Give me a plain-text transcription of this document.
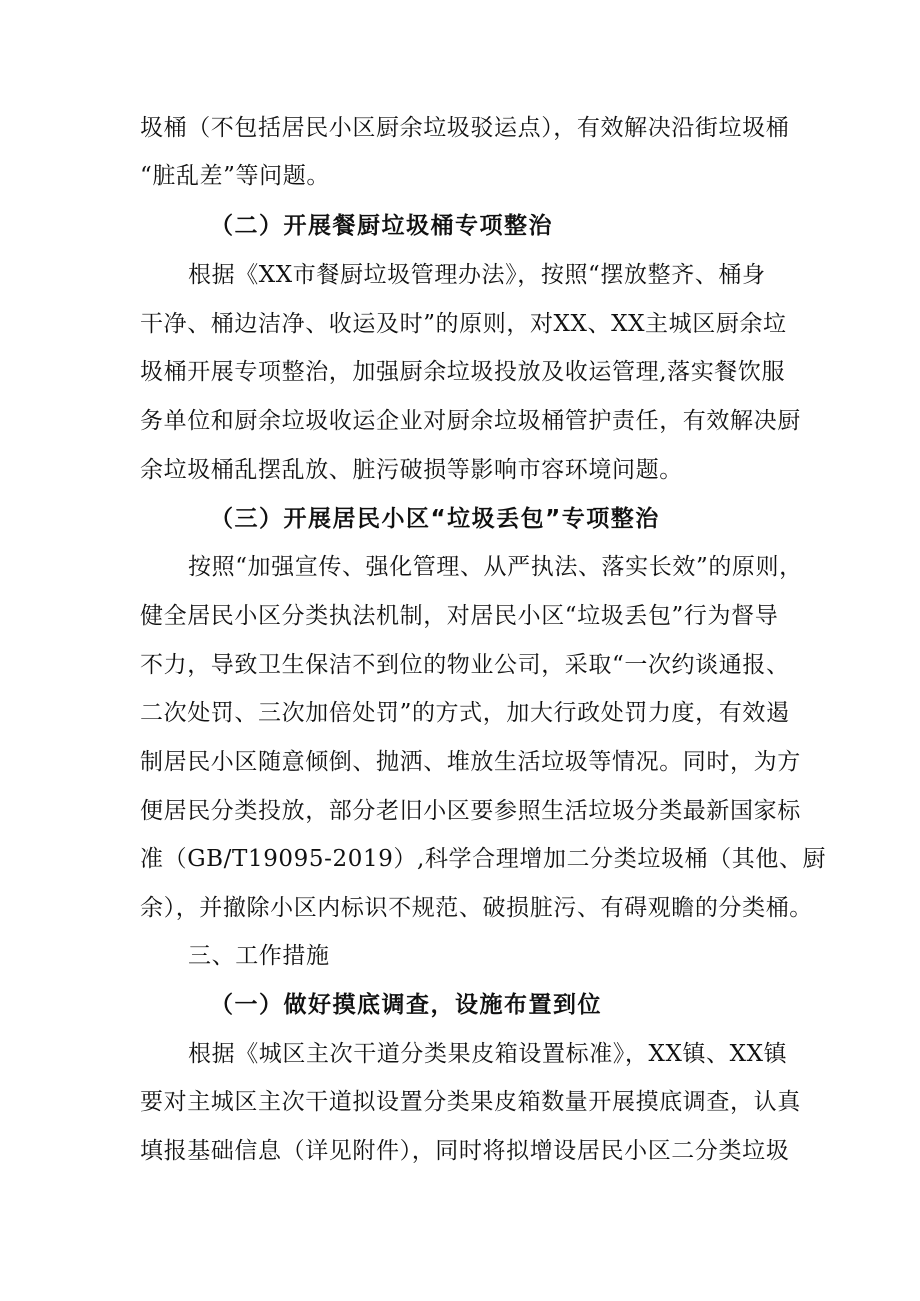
圾桶（不包括居民小区厨余垃圾驳运点），有效解决沿街垃圾桶
“脏乱差”等问题。
（二）开展餐厨垃圾桶专项整治
根据《XX市餐厨垃圾管理办法》，按照“摆放整齐、桶身
干净、桶边洁净、收运及时”的原则，对XX、XX主城区厨余垃
圾桶开展专项整治，加强厨余垃圾投放及收运管理,落实餐饮服
务单位和厨余垃圾收运企业对厨余垃圾桶管护责任，有效解决厨
余垃圾桶乱摆乱放、脏污破损等影响市容环境问题。
（三）开展居民小区“垃圾丢包”专项整治
按照“加强宣传、强化管理、从严执法、落实长效”的原则，
健全居民小区分类执法机制，对居民小区“垃圾丢包”行为督导
不力，导致卫生保洁不到位的物业公司，采取“一次约谈通报、
二次处罚、三次加倍处罚”的方式，加大行政处罚力度，有效遏
制居民小区随意倾倒、抛洒、堆放生活垃圾等情况。同时，为方
便居民分类投放，部分老旧小区要参照生活垃圾分类最新国家标
准（GB/T19095-2019）,科学合理增加二分类垃圾桶（其他、厨
余），并撤除小区内标识不规范、破损脏污、有碍观瞻的分类桶。
三、工作措施
（一）做好摸底调查，设施布置到位
根据《城区主次干道分类果皮箱设置标准》，XX镇、XX镇
要对主城区主次干道拟设置分类果皮箱数量开展摸底调查，认真
填报基础信息（详见附件），同时将拟增设居民小区二分类垃圾
